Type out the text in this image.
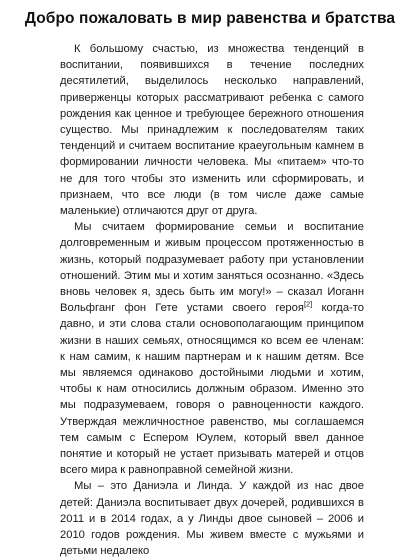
Добро пожаловать в мир равенства и братства

К большому счастью, из множества тенденций в воспитании, появившихся в течение последних десятилетий, выделилось несколько направлений, приверженцы которых рассматривают ребенка с самого рождения как ценное и требующее бережного отношения существо. Мы принадлежим к последователям таких тенденций и считаем воспитание краеугольным камнем в формировании личности человека. Мы «питаем» что-то не для того чтобы это изменить или сформировать, и признаем, что все люди (в том числе даже самые маленькие) отличаются друг от друга.

Мы считаем формирование семьи и воспитание долговременным и живым процессом протяженностью в жизнь, который подразумевает работу при установлении отношений. Этим мы и хотим заняться осознанно. «Здесь вновь человек я, здесь быть им могу!» – сказал Иоганн Вольфганг фон Гете устами своего героя[2] когда-то давно, и эти слова стали основополагающим принципом жизни в наших семьях, относящимся ко всем ее членам: к нам самим, к нашим партнерам и к нашим детям. Все мы являемся одинаково достойными людьми и хотим, чтобы к нам относились должным образом. Именно это мы подразумеваем, говоря о равноценности каждого. Утверждая межличностное равенство, мы соглашаемся тем самым с Еспером Юулем, который ввел данное понятие и который не устает призывать матерей и отцов всего мира к равноправной семейной жизни.

Мы – это Даниэла и Линда. У каждой из нас двое детей: Даниэла воспитывает двух дочерей, родившихся в 2011 и в 2014 годах, а у Линды двое сыновей – 2006 и 2010 годов рождения. Мы живем вместе с мужьями и детьми недалеко
